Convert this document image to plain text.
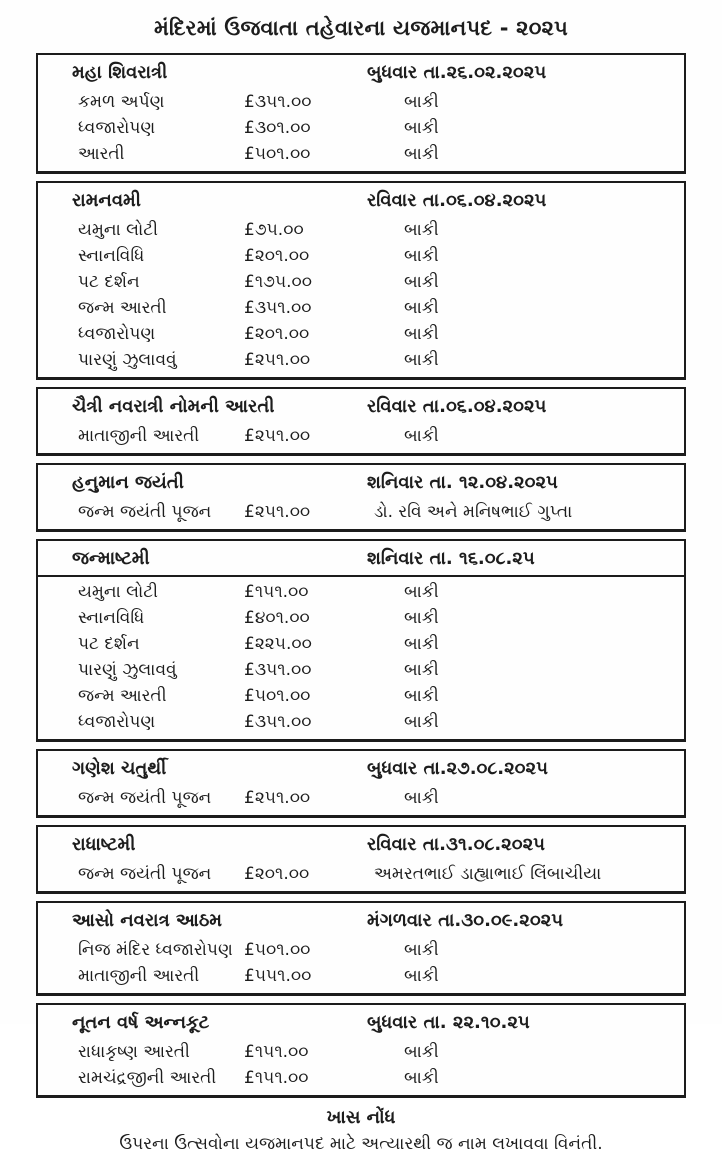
મંદિરમાં ઉજવાતા તહેવારના યજમાનપદ - ૨૦૨૫
મહા શિવરાત્રી	બુધવાર તા.૨૬.૦૨.૨૦૨૫
કમળ અર્પણ	£૩૫૧.૦૦	બાકી
ધ્વજારોપણ	£૩૦૧.૦૦	બાકી
આરતી	£૫૦૧.૦૦	બાકી
રામનવમી	રવિવાર તા.૦૬.૦૪.૨૦૨૫
યમુના લોટી	£૭૫.૦૦	બાકી
સ્નાનવિધિ	£૨૦૧.૦૦	બાકી
પટ દર્શન	£૧૭૫.૦૦	બાકી
જન્મ આરતી	£૩૫૧.૦૦	બાકી
ધ્વજારોપણ	£૨૦૧.૦૦	બાકી
પારણું ઝુલાવવું	£૨૫૧.૦૦	બાકી
ચૈત્રી નવરાત્રી નોમની આરતી	રવિવાર તા.૦૬.૦૪.૨૦૨૫
માતાજીની આરતી	£૨૫૧.૦૦	બાકી
હનુમાન જયંતી	શનિવાર તા. ૧૨.૦૪.૨૦૨૫
જન્મ જયંતી પૂજન	£૨૫૧.૦૦	ડો. રવિ અને મનિષભાઈ ગુપ્તા
જન્માષ્ટમી	શનિવાર તા. ૧૬.૦૮.૨૫
યમુના લોટી	£૧૫૧.૦૦	બાકી
સ્નાનવિધિ	£૪૦૧.૦૦	બાકી
પટ દર્શન	£૨૨૫.૦૦	બાકી
પારણું ઝુલાવવું	£૩૫૧.૦૦	બાકી
જન્મ આરતી	£૫૦૧.૦૦	બાકી
ધ્વજારોપણ	£૩૫૧.૦૦	બાકી
ગણેશ ચતુર્થી	બુધવાર તા.૨૭.૦૮.૨૦૨૫
જન્મ જયંતી પૂજન	£૨૫૧.૦૦	બાકી
રાધાષ્ટમી	રવિવાર તા.૩૧.૦૮.૨૦૨૫
જન્મ જયંતી પૂજન	£૨૦૧.૦૦	અમરતભાઈ ડાહ્યાભાઈ લિંબાચીયા
આસો નવરાત્ર આઠમ	મંગળવાર તા.૩૦.૦૯.૨૦૨૫
નિજ મંદિર ધ્વજારોપણ £૫૦૧.૦૦	બાકી
માતાજીની આરતી	£૫૫૧.૦૦	બાકી
નૂતન વર્ષ અન્નકૂટ	બુધવાર તા. ૨૨.૧૦.૨૫
રાધાકૃષ્ણ આરતી	£૧૫૧.૦૦	બાકી
રામચંદ્રજીની આરતી	£૧૫૧.૦૦	બાકી
ખાસ નોંધ
ઉપરના ઉત્સવોના યજમાનપદ માટે અત્યારથી જ નામ લખાવવા વિનંતી.
